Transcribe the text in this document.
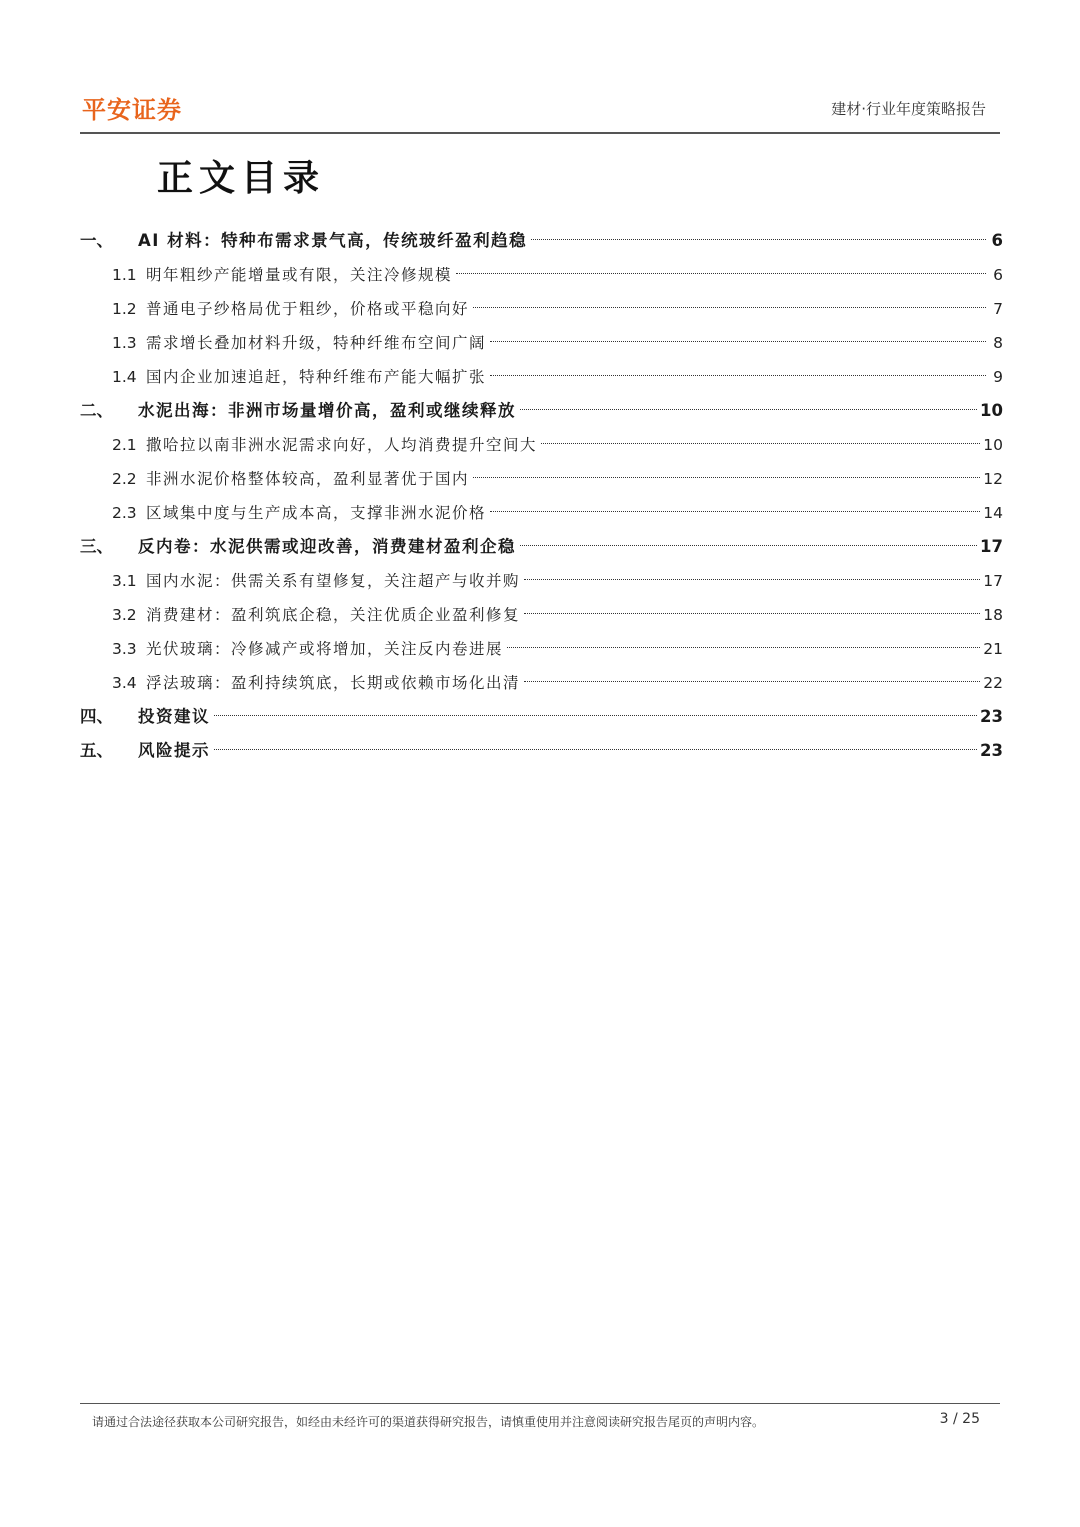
平安证券	建材·行业年度策略报告
正文目录
一、	AI 材料：特种布需求景气高，传统玻纤盈利趋稳	6
1.1 明年粗纱产能增量或有限，关注冷修规模	6
1.2 普通电子纱格局优于粗纱，价格或平稳向好	7
1.3 需求增长叠加材料升级，特种纤维布空间广阔	8
1.4 国内企业加速追赶，特种纤维布产能大幅扩张	9
二、	水泥出海：非洲市场量增价高，盈利或继续释放	10
2.1 撒哈拉以南非洲水泥需求向好，人均消费提升空间大	10
2.2 非洲水泥价格整体较高，盈利显著优于国内	12
2.3 区域集中度与生产成本高，支撑非洲水泥价格	14
三、	反内卷：水泥供需或迎改善，消费建材盈利企稳	17
3.1 国内水泥：供需关系有望修复，关注超产与收并购	17
3.2 消费建材：盈利筑底企稳，关注优质企业盈利修复	18
3.3 光伏玻璃：冷修减产或将增加，关注反内卷进展	21
3.4 浮法玻璃：盈利持续筑底，长期或依赖市场化出清	22
四、	投资建议	23
五、	风险提示	23
请通过合法途径获取本公司研究报告，如经由未经许可的渠道获得研究报告，请慎重使用并注意阅读研究报告尾页的声明内容。	3 / 25
